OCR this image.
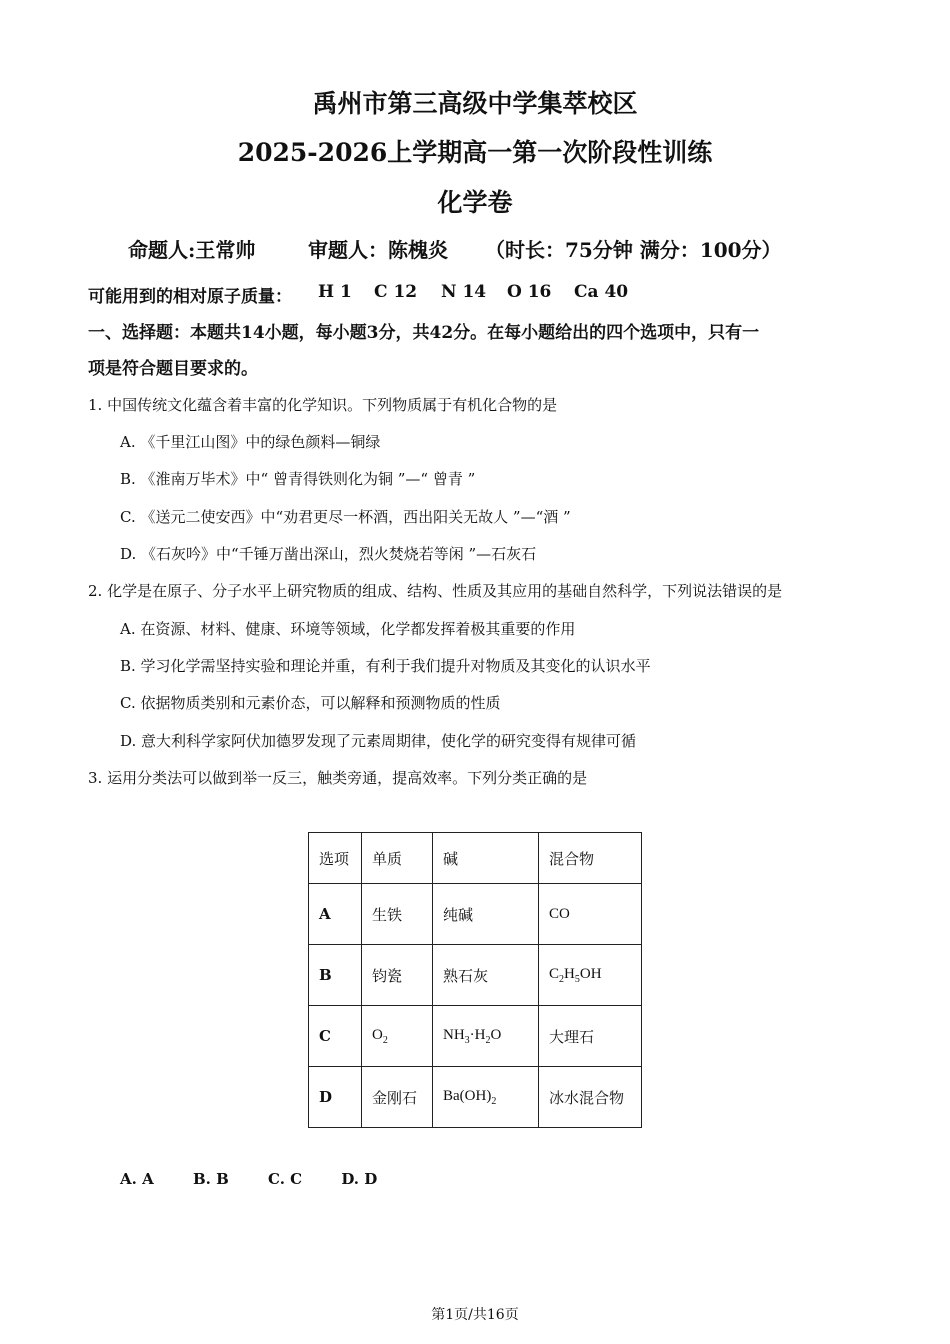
禹州市第三高级中学集萃校区
2025-2026上学期高一第一次阶段性训练
化学卷
命题人:王常帅	审题人：陈槐炎 （时长：75分钟 满分：100分）
可能用到的相对原子质量：	H 1 C 12 N 14 O 16 Ca 40
一、选择题：本题共14小题，每小题3分，共42分。在每小题给出的四个选项中，只有一
项是符合题目要求的。
1. 中国传统文化蕴含着丰富的化学知识。下列物质属于有机化合物的是
A. 《千里江山图》中的绿色颜料—铜绿
B. 《淮南万毕术》中“ 曾青得铁则化为铜 ”—“ 曾青 ”
C. 《送元二使安西》中“劝君更尽一杯酒，西出阳关无故人 ”—“酒 ”
D. 《石灰吟》中“千锤万凿出深山，烈火焚烧若等闲 ”—石灰石
2. 化学是在原子、分子水平上研究物质的组成、结构、性质及其应用的基础自然科学，下列说法错误的是
A. 在资源、材料、健康、环境等领域，化学都发挥着极其重要的作用
B. 学习化学需坚持实验和理论并重，有利于我们提升对物质及其变化的认识水平
C. 依据物质类别和元素价态，可以解释和预测物质的性质
D. 意大利科学家阿伏加德罗发现了元素周期律，使化学的研究变得有规律可循
3. 运用分类法可以做到举一反三，触类旁通，提高效率。下列分类正确的是
选项	单质	碱	混合物
A	生铁	纯碱	CO
B	钧瓷	熟石灰	$C_2H_5OH$
C	$O_2$	$NH_3\cdot H_2O$	大理石
D	金刚石	$Ba(OH)_2$	冰水混合物
A. A	B. B	C. C	D. D
第1页/共16页
